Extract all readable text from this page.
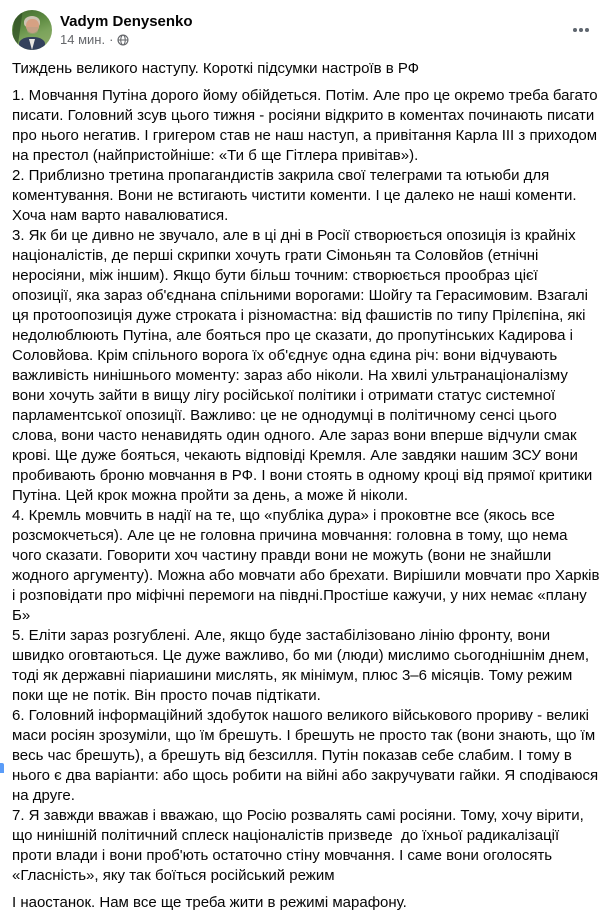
Vadym Denysenko
14 мин. ·
Тиждень великого наступу. Короткі підсумки настроїв в РФ
1. Мовчання Путіна дорого йому обійдеться. Потім. Але про це окремо треба багато писати. Головний зсув цього тижня - росіяни відкрито в коментах починають писати про нього негатив. І григером став не наш наступ, а привітання Карла ІІІ з приходом на престол (найпристойніше: «Ти б ще Гітлера привітав»).
2. Приблизно третина пропагандистів закрила свої телеграми та ютьюби для коментування. Вони не встигають чистити коменти. І це далеко не наші коменти. Хоча нам варто навалюватися.
3. Як би це дивно не звучало, але в ці дні в Росії створюється опозиція із крайніх націоналістів, де перші скрипки хочуть грати Сімоньян та Соловйов (етнічні неросіяни, між іншим). Якщо бути більш точним: створюється прообраз цієї опозиції, яка зараз об'єднана спільними ворогами: Шойгу та Герасимовим. Взагалі ця протоопозиція дуже строката і різномастна: від фашистів по типу Прілєпіна, які недолюблюють Путіна, але бояться про це сказати, до пропутінських Кадирова і Соловйова. Крім спільного ворога їх об'єднує одна єдина річ: вони відчувають важливість нинішнього моменту: зараз або ніколи. На хвилі ультранаціоналізму вони хочуть зайти в вищу лігу російської політики і отримати статус системної парламентської опозиції. Важливо: це не однодумці в політичному сенсі цього слова, вони часто ненавидять один одного. Але зараз вони вперше відчули смак крові. Ще дуже бояться, чекають відповіді Кремля. Але завдяки нашим ЗСУ вони пробивають броню мовчання в РФ. І вони стоять в одному кроці від прямої критики Путіна. Цей крок можна пройти за день, а може й ніколи.
4. Кремль мовчить в надії на те, що «публіка дура» і проковтне все (якось все розсмокчеться). Але це не головна причина мовчання: головна в тому, що нема чого сказати. Говорити хоч частину правди вони не можуть (вони не знайшли жодного аргументу). Можна або мовчати або брехати. Вирішили мовчати про Харків  і розповідати про міфічні перемоги на півдні.Простіше кажучи, у них немає «плану Б»
5. Еліти зараз розгублені. Але, якщо буде застабілізовано лінію фронту, вони швидко оговтаються. Це дуже важливо, бо ми (люди) мислимо сьогоднішнім днем, тоді як державні піариашини мислять, як мінімум, плюс 3–6 місяців. Тому режим поки ще не потік. Він просто почав підтікати.
6. Головний інформаційний здобуток нашого великого військового прориву - великі маси росіян зрозуміли, що їм брешуть. І брешуть не просто так (вони знають, що їм весь час брешуть), а брешуть від безсилля. Путін показав себе слабим. І тому в нього є два варіанти: або щось робити на війні або закручувати гайки. Я сподіваюся на друге.
7. Я завжди вважав і вважаю, що Росію розвалять самі росіяни. Тому, хочу вірити, що нинішній політичний сплеск націоналістів призведе  до їхньої радикалізації проти влади і вони проб'ють остаточно стіну мовчання. І саме вони оголосять «Гласність», яку так боїться російський режим
І наостанок. Нам все ще треба жити в режимі марафону.
